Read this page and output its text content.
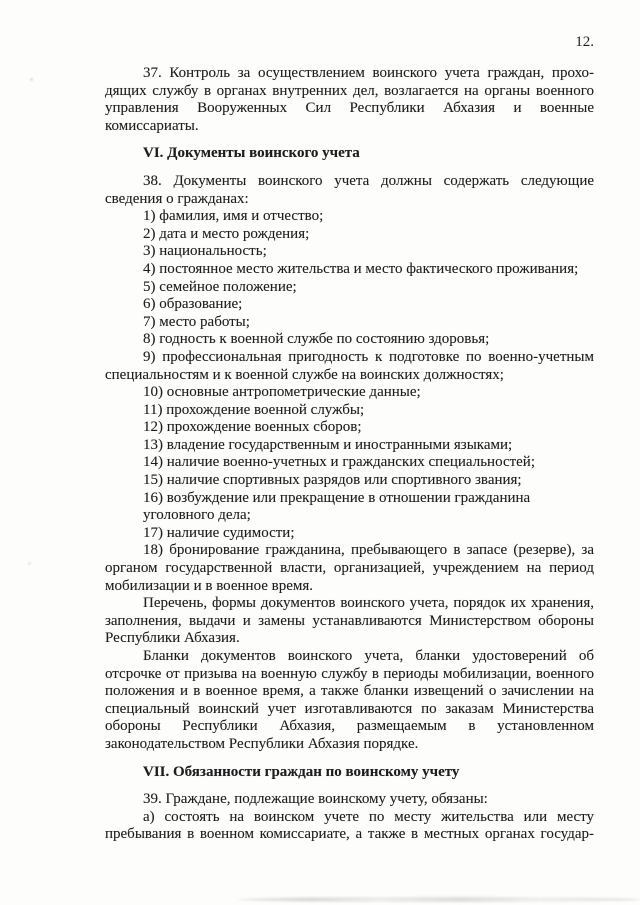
12.
37. Контроль за осуществлением воинского учета граждан, прохо-
дящих службу в органах внутренних дел, возлагается на органы военного
управления Вооруженных Сил Республики Абхазия и военные
комиссариаты.
VI. Документы воинского учета
38. Документы воинского учета должны содержать следующие
сведения о гражданах:
1) фамилия, имя и отчество;
2) дата и место рождения;
3) национальность;
4) постоянное место жительства и место фактического проживания;
5) семейное положение;
6) образование;
7) место работы;
8) годность к военной службе по состоянию здоровья;
9) профессиональная пригодность к подготовке по военно-учетным
специальностям и к военной службе на воинских должностях;
10) основные антропометрические данные;
11) прохождение военной службы;
12) прохождение военных сборов;
13) владение государственным и иностранными языками;
14) наличие военно-учетных и гражданских специальностей;
15) наличие спортивных разрядов или спортивного звания;
16) возбуждение или прекращение в отношении гражданина
уголовного дела;
17) наличие судимости;
18) бронирование гражданина, пребывающего в запасе (резерве), за
органом государственной власти, организацией, учреждением на период
мобилизации и в военное время.
Перечень, формы документов воинского учета, порядок их хранения,
заполнения, выдачи и замены устанавливаются Министерством обороны
Республики Абхазия.
Бланки документов воинского учета, бланки удостоверений об
отсрочке от призыва на военную службу в периоды мобилизации, военного
положения и в военное время, а также бланки извещений о зачислении на
специальный воинский учет изготавливаются по заказам Министерства
обороны Республики Абхазия, размещаемым в установленном
законодательством Республики Абхазия порядке.
VII. Обязанности граждан по воинскому учету
39. Граждане, подлежащие воинскому учету, обязаны:
а) состоять на воинском учете по месту жительства или месту
пребывания в военном комиссариате, а также в местных органах государ-
